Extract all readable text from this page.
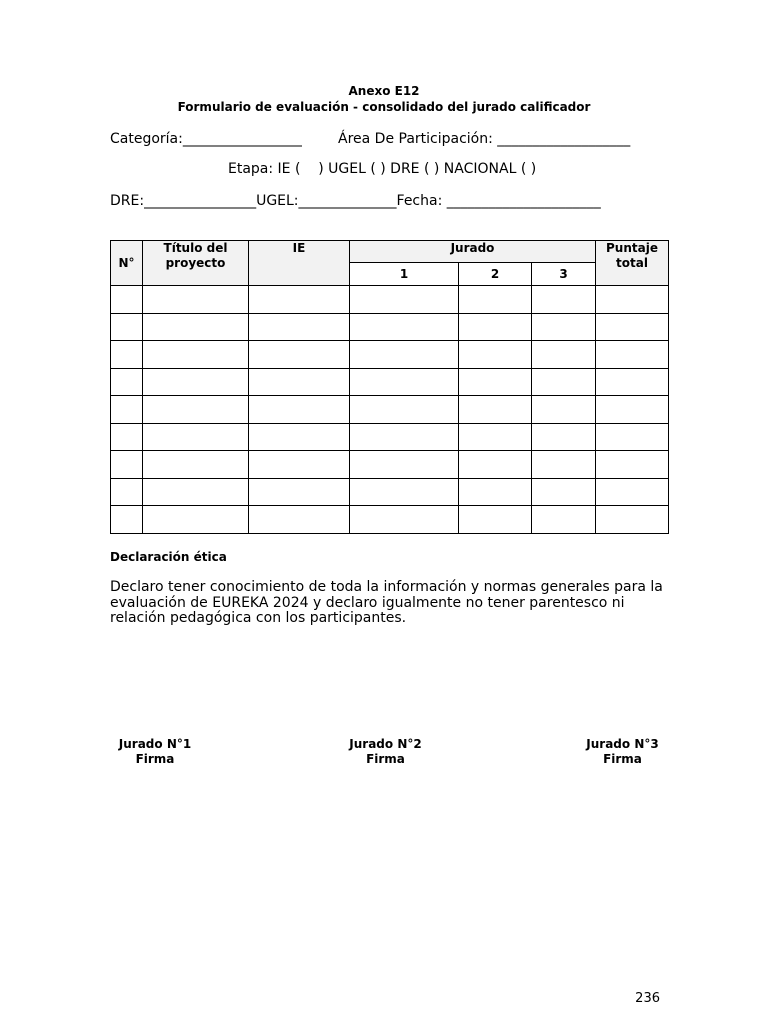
Anexo E12
Formulario de evaluación - consolidado del jurado calificador
Categoría:_________________	Área De Participación: ___________________
Etapa: IE (    ) UGEL ( ) DRE ( ) NACIONAL ( )
DRE:________________UGEL:______________Fecha: ______________________
N°	Título del proyecto	IE	Jurado			Puntaje total
			1	2	3	

Declaración ética
Declaro tener conocimiento de toda la información y normas generales para la evaluación de EUREKA 2024 y declaro igualmente no tener parentesco ni relación pedagógica con los participantes.
Jurado N°1
Firma
Jurado N°2
Firma
Jurado N°3
Firma
236
